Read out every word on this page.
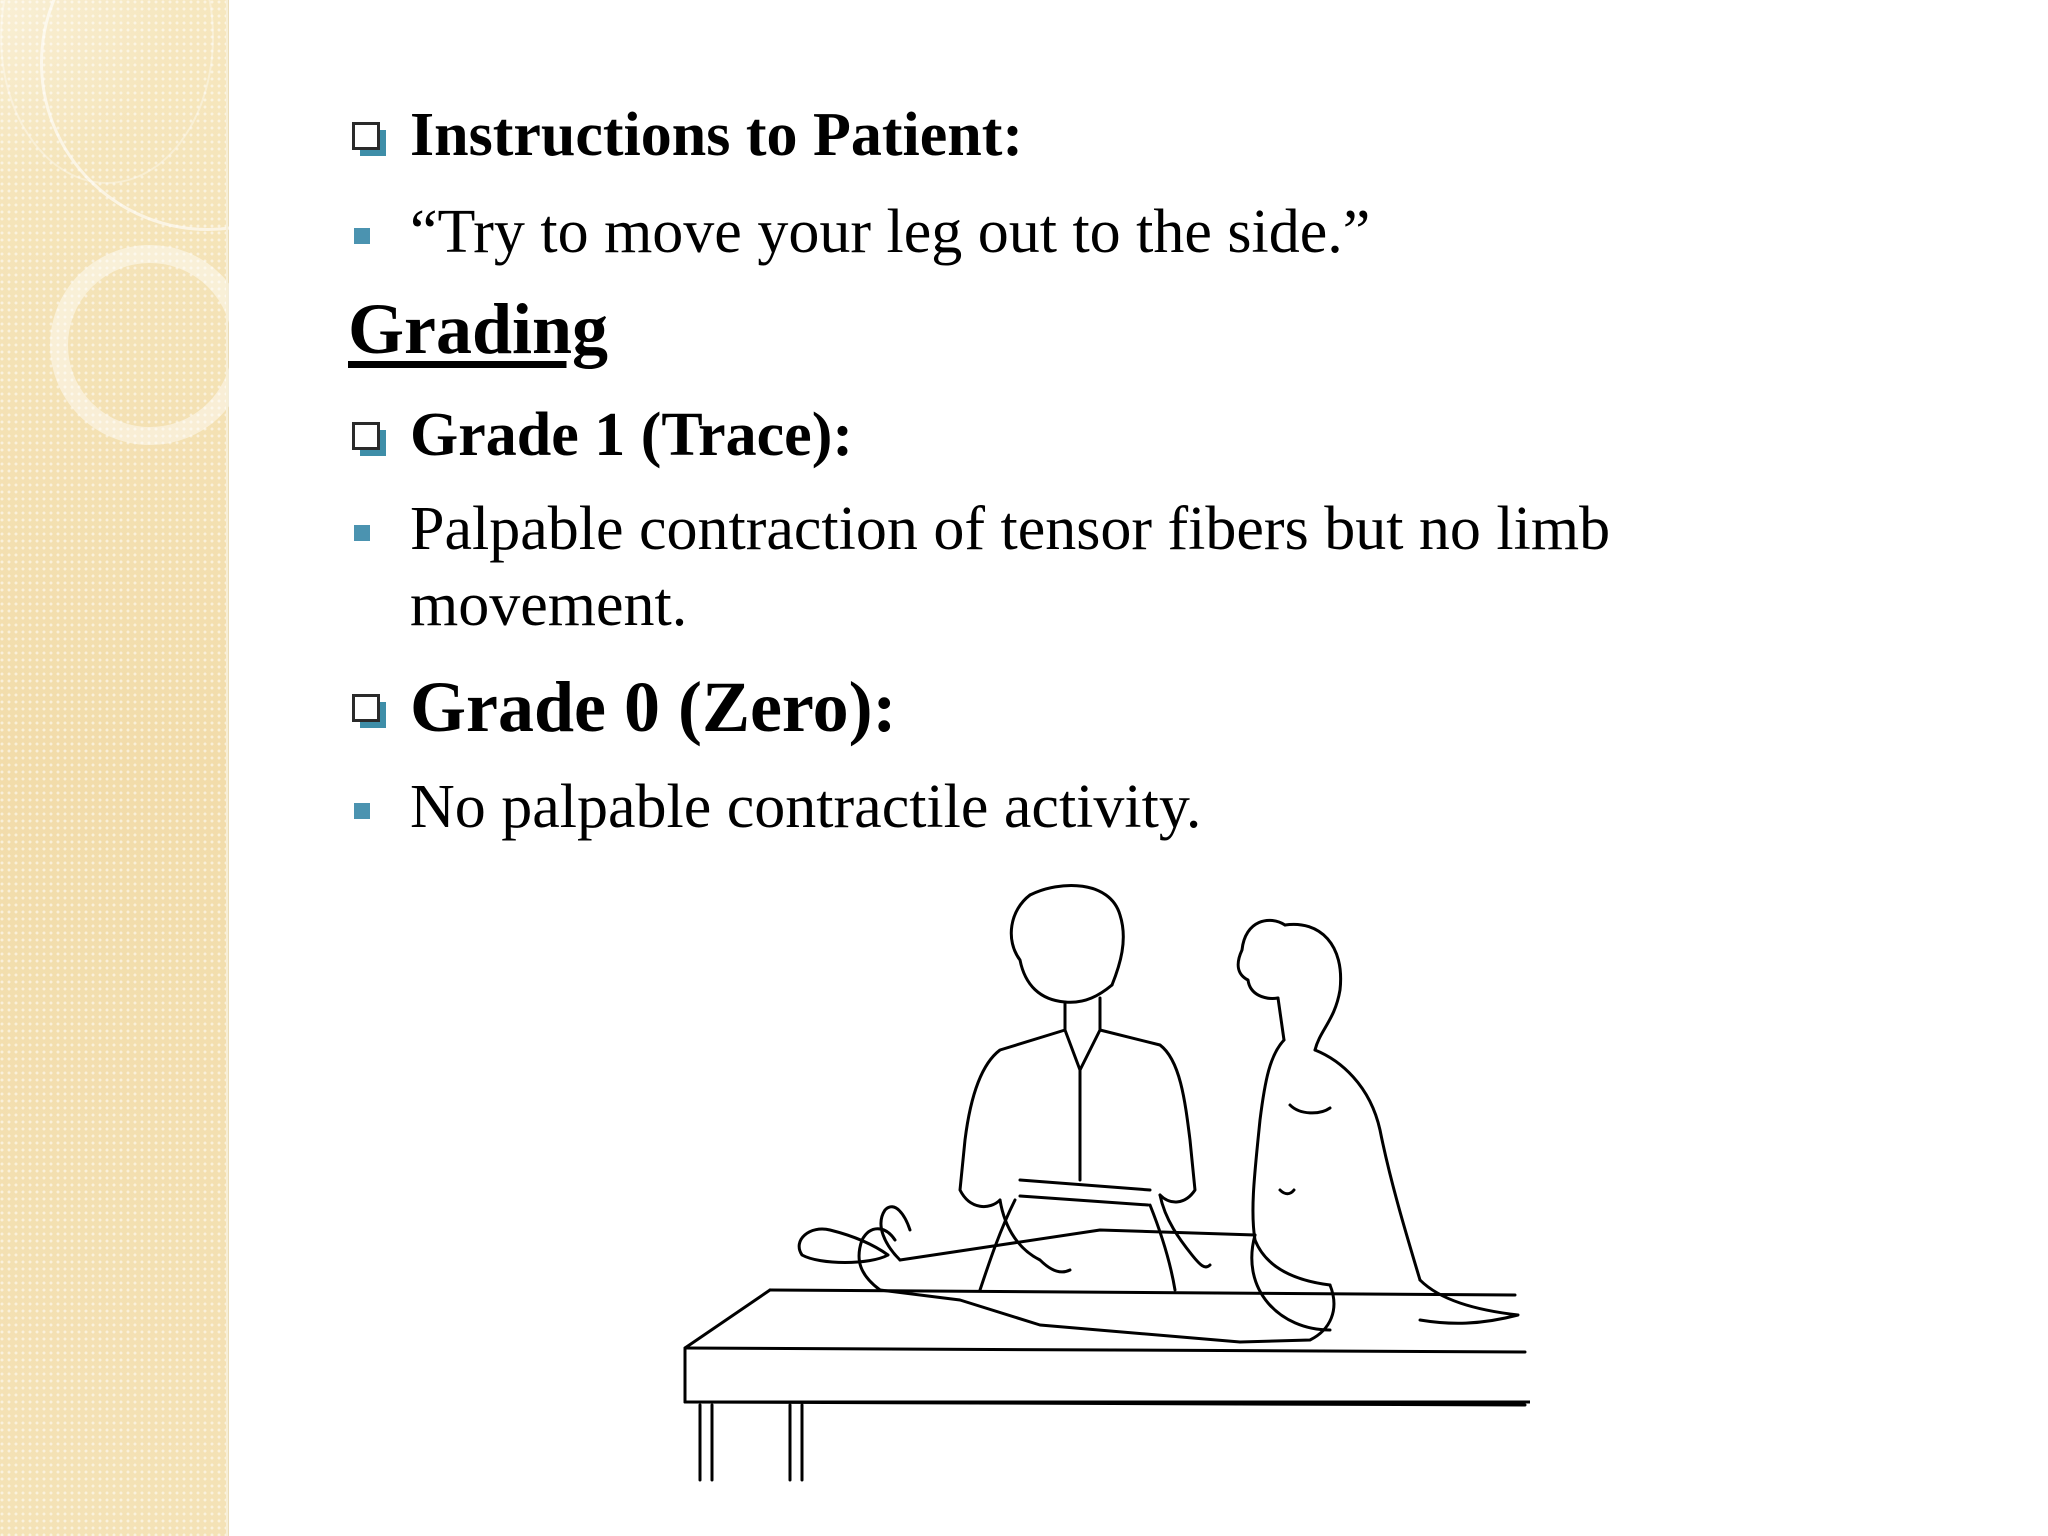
Instructions to Patient:
“Try to move your leg out to the side.”
Grading
Grade 1 (Trace):
Palpable contraction of tensor fibers but no limb
movement.
Grade 0 (Zero):
No palpable contractile activity.
